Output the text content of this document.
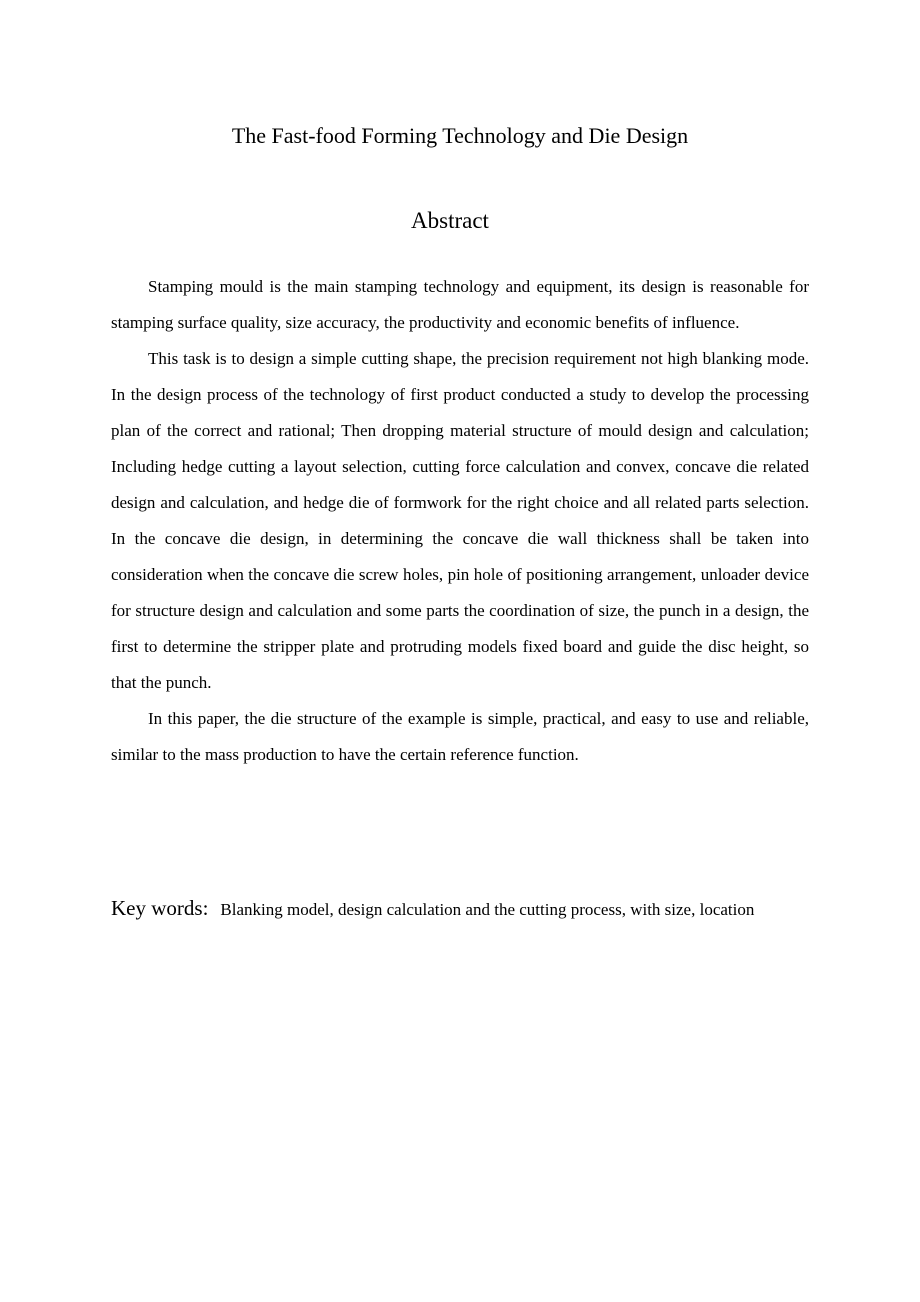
The Fast-food Forming Technology and Die Design
Abstract

Stamping mould is the main stamping technology and equipment, its design is reasonable for stamping surface quality, size accuracy, the productivity and economic benefits of influence.

This task is to design a simple cutting shape, the precision requirement not high blanking mode. In the design process of the technology of first product conducted a study to develop the processing plan of the correct and rational; Then dropping material structure of mould design and calculation; Including hedge cutting a layout selection, cutting force calculation and convex, concave die related design and calculation, and hedge die of formwork for the right choice and all related parts selection. In the concave die design, in determining the concave die wall thickness shall be taken into consideration when the concave die screw holes, pin hole of positioning arrangement, unloader device for structure design and calculation and some parts the coordination of size, the punch in a design, the first to determine the stripper plate and protruding models fixed board and guide the disc height, so that the punch.

In this paper, the die structure of the example is simple, practical, and easy to use and reliable, similar to the mass production to have the certain reference function.

Key words: Blanking model, design calculation and the cutting process, with size, location
